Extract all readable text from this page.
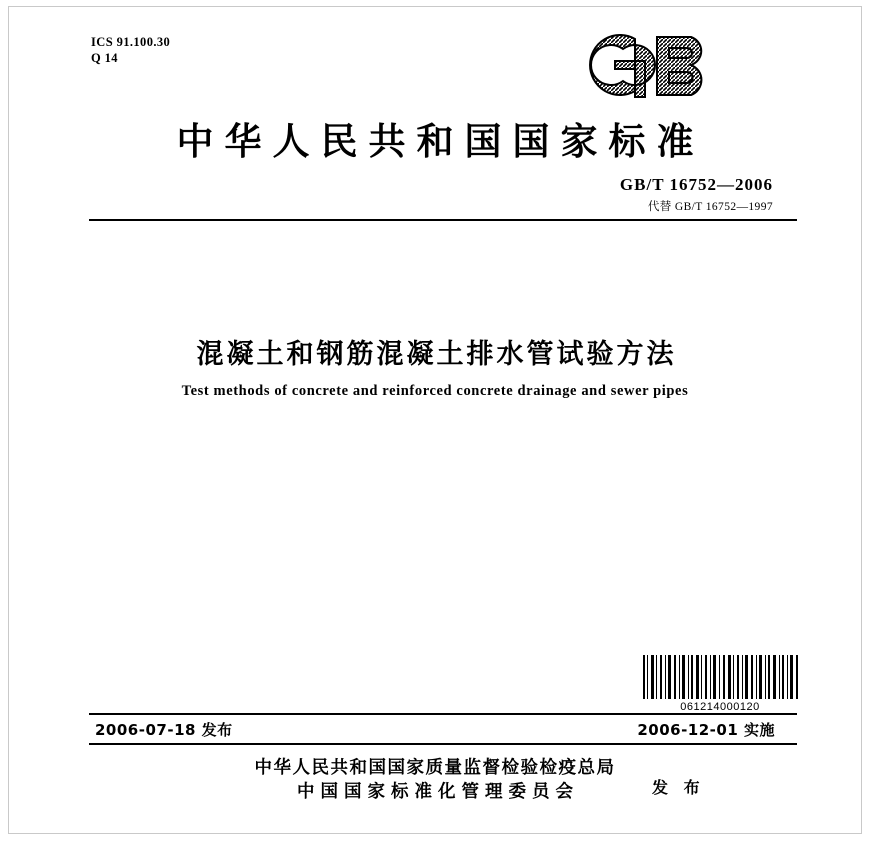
ICS 91.100.30
Q 14
中华人民共和国国家标准
GB/T 16752—2006
代替 GB/T 16752—1997
混凝土和钢筋混凝土排水管试验方法
Test methods of concrete and reinforced concrete drainage and sewer pipes
061214000120
2006-07-18 发布	2006-12-01 实施
中华人民共和国国家质量监督检验检疫总局
中国国家标准化管理委员会	发 布
